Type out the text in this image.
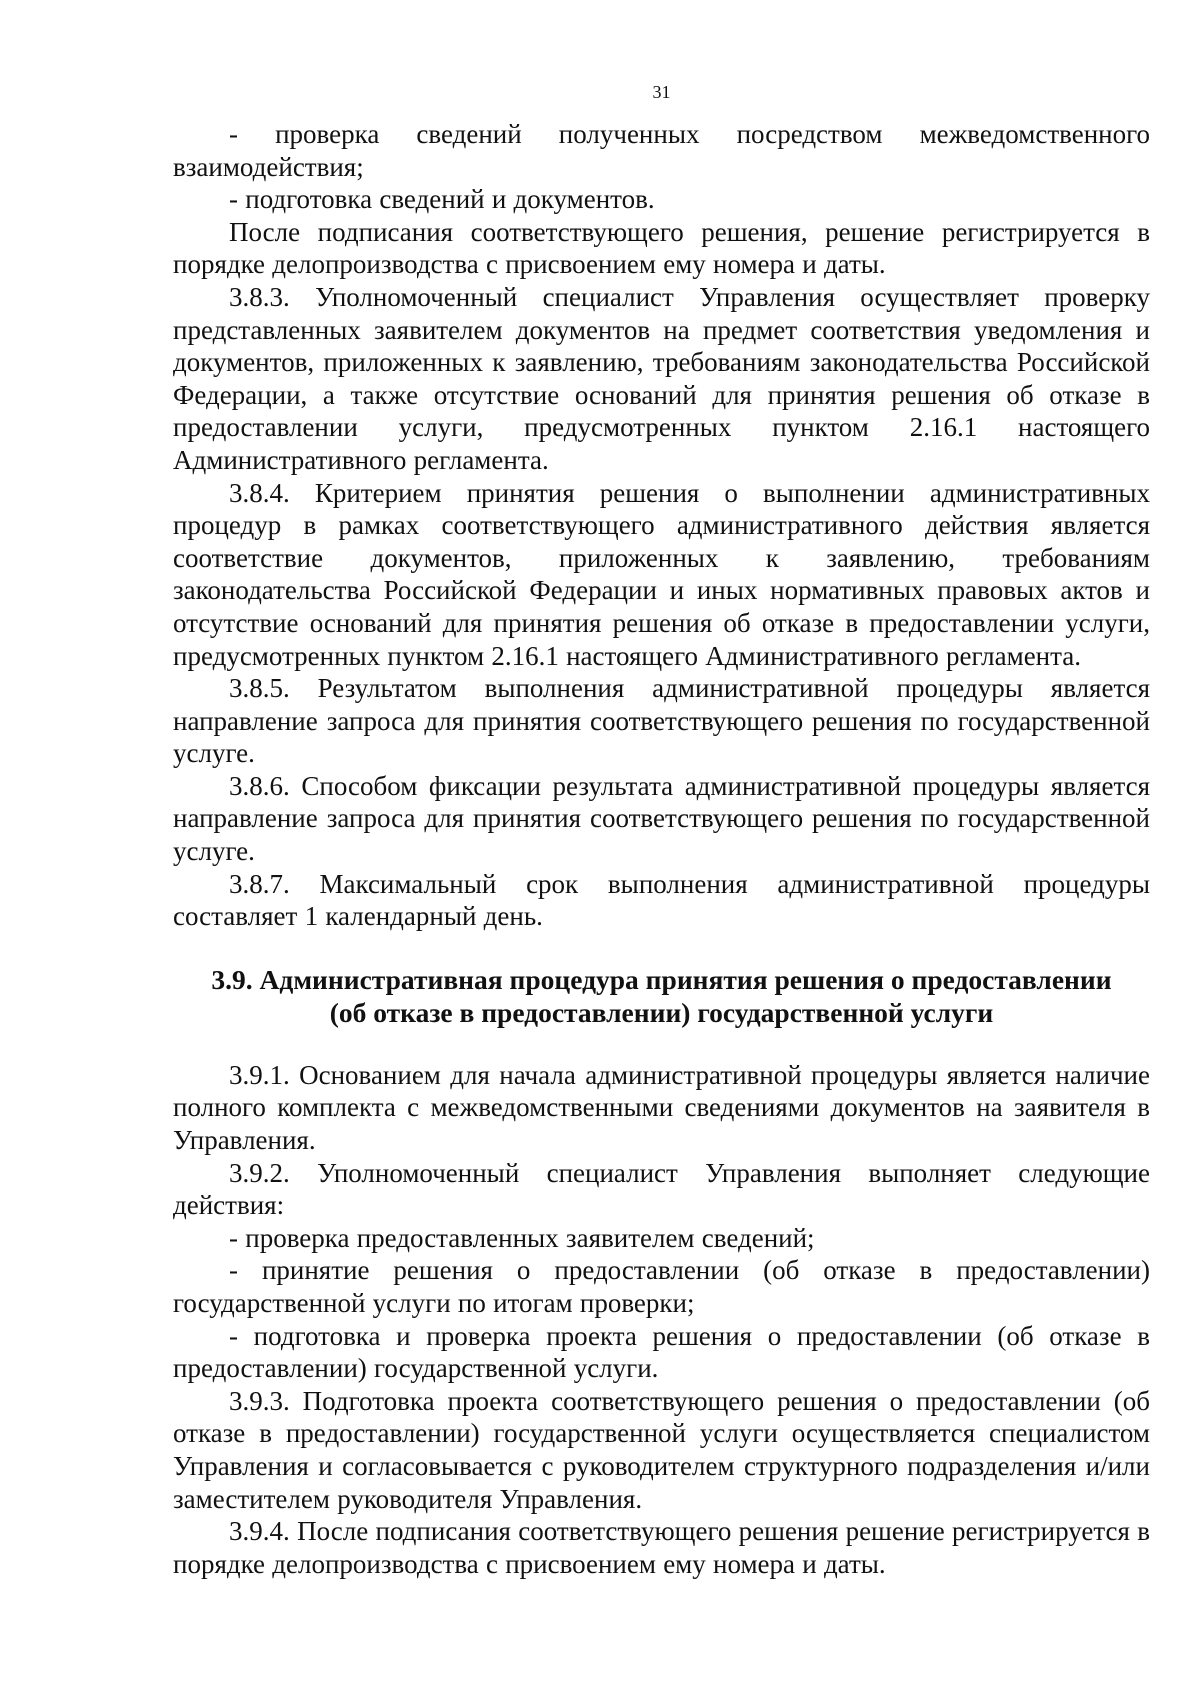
31

- проверка сведений полученных посредством межведомственного взаимодействия;

- подготовка сведений и документов.

После подписания соответствующего решения, решение регистрируется в порядке делопроизводства с присвоением ему номера и даты.

3.8.3. Уполномоченный специалист Управления осуществляет проверку представленных заявителем документов на предмет соответствия уведомления и документов, приложенных к заявлению, требованиям законодательства Российской Федерации, а также отсутствие оснований для принятия решения об отказе в предоставлении услуги, предусмотренных пунктом 2.16.1 настоящего Административного регламента.

3.8.4. Критерием принятия решения о выполнении административных процедур в рамках соответствующего административного действия является соответствие документов, приложенных к заявлению, требованиям законодательства Российской Федерации и иных нормативных правовых актов и отсутствие оснований для принятия решения об отказе в предоставлении услуги, предусмотренных пунктом 2.16.1 настоящего Административного регламента.

3.8.5. Результатом выполнения административной процедуры является направление запроса для принятия соответствующего решения по государственной услуге.

3.8.6. Способом фиксации результата административной процедуры является направление запроса для принятия соответствующего решения по государственной услуге.

3.8.7. Максимальный срок выполнения административной процедуры составляет 1 календарный день.

3.9. Административная процедура принятия решения о предоставлении
(об отказе в предоставлении) государственной услуги

3.9.1. Основанием для начала административной процедуры является наличие полного комплекта с межведомственными сведениями документов на заявителя в Управления.

3.9.2. Уполномоченный специалист Управления выполняет следующие действия:

- проверка предоставленных заявителем сведений;

- принятие решения о предоставлении (об отказе в предоставлении) государственной услуги по итогам проверки;

- подготовка и проверка проекта решения о предоставлении (об отказе в предоставлении) государственной услуги.

3.9.3. Подготовка проекта соответствующего решения о предоставлении (об отказе в предоставлении) государственной услуги осуществляется специалистом Управления и согласовывается с руководителем структурного подразделения и/или заместителем руководителя Управления.

3.9.4. После подписания соответствующего решения решение регистрируется в порядке делопроизводства с присвоением ему номера и даты.
